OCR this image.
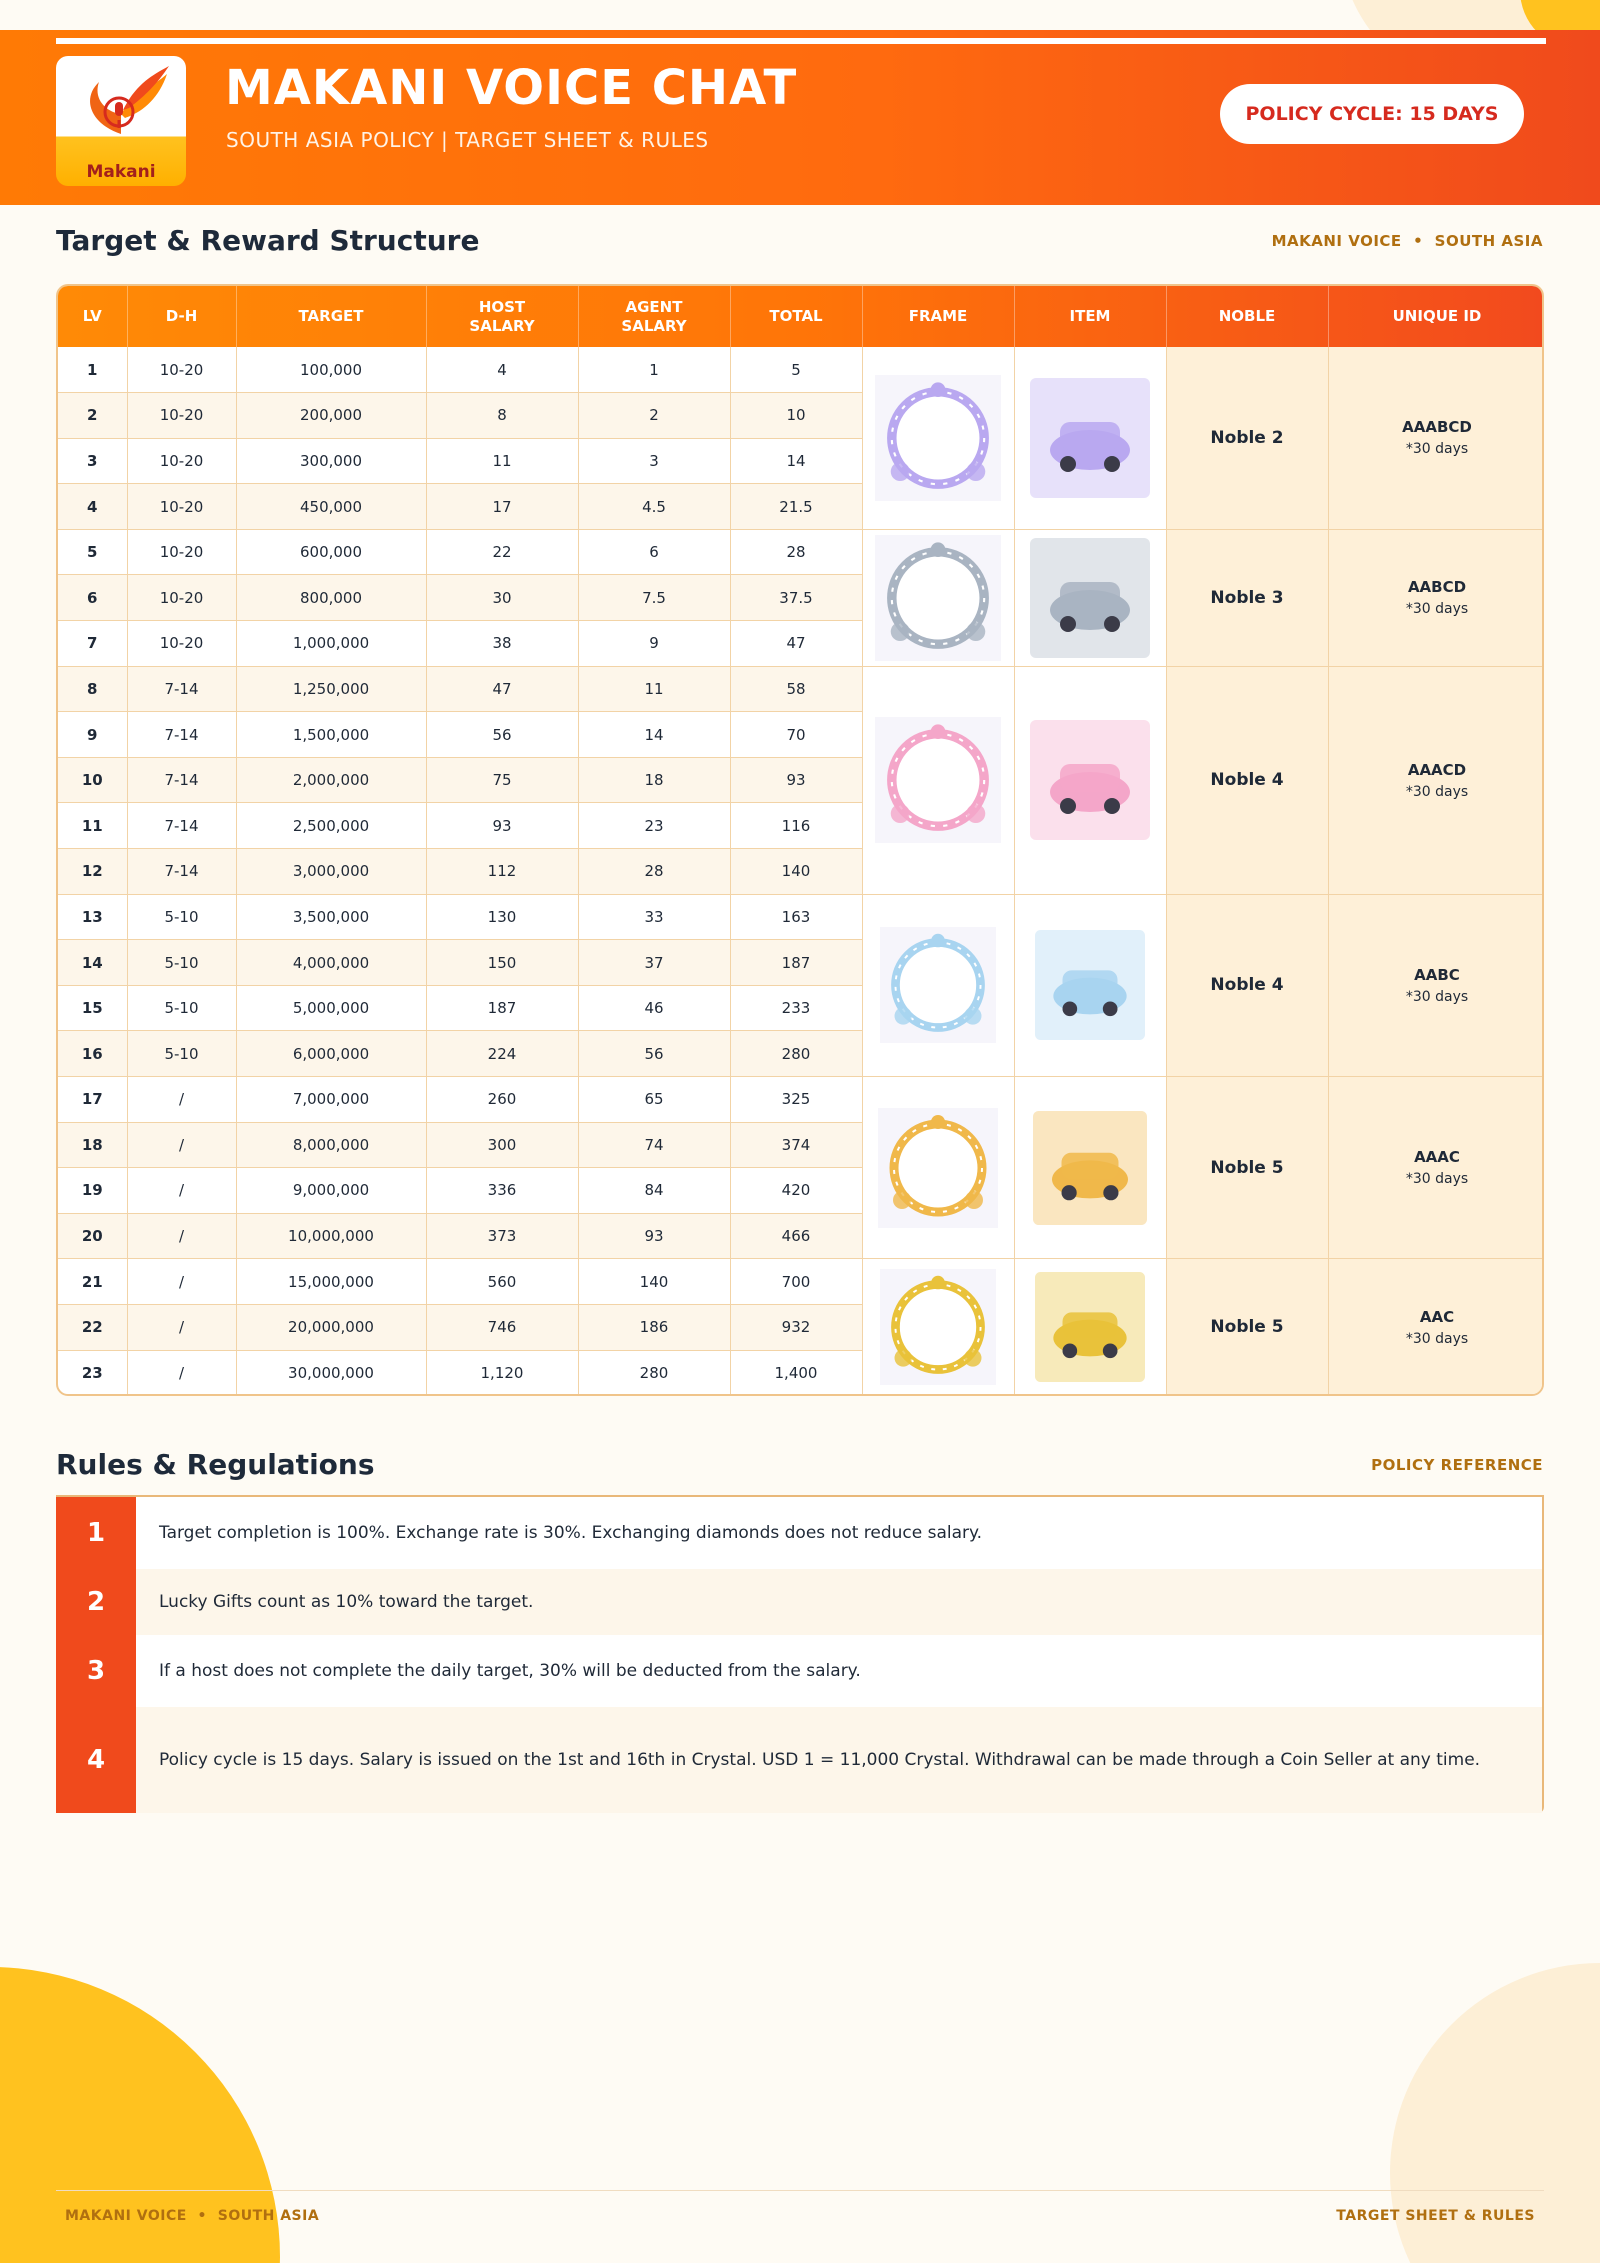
Makani
MAKANI VOICE CHAT
SOUTH ASIA POLICY | TARGET SHEET & RULES
POLICY CYCLE: 15 DAYS
Target & Reward Structure	MAKANI VOICE  •  SOUTH ASIA
LV	D-H	TARGET	HOST SALARY	AGENT SALARY	TOTAL	FRAME	ITEM	NOBLE	UNIQUE ID
1	10-20	100,000	4	1	5			Noble 2	AAABCD
*30 days

2	10-20	200,000	8	2	10				
3	10-20	300,000	11	3	14				
4	10-20	450,000	17	4.5	21.5				
5	10-20	600,000	22	6	28			Noble 3	AABCD
*30 days

6	10-20	800,000	30	7.5	37.5				
7	10-20	1,000,000	38	9	47				
8	7-14	1,250,000	47	11	58			Noble 4	AAACD
*30 days

9	7-14	1,500,000	56	14	70				
10	7-14	2,000,000	75	18	93				
11	7-14	2,500,000	93	23	116				
12	7-14	3,000,000	112	28	140				
13	5-10	3,500,000	130	33	163			Noble 4	AABC
*30 days

14	5-10	4,000,000	150	37	187				
15	5-10	5,000,000	187	46	233				
16	5-10	6,000,000	224	56	280				
17	/	7,000,000	260	65	325			Noble 5	AAAC
*30 days

18	/	8,000,000	300	74	374				
19	/	9,000,000	336	84	420				
20	/	10,000,000	373	93	466				
21	/	15,000,000	560	140	700			Noble 5	AAC
*30 days

22	/	20,000,000	746	186	932				
23	/	30,000,000	1,120	280	1,400				
Rules & Regulations	POLICY REFERENCE
1	Target completion is 100%. Exchange rate is 30%. Exchanging diamonds does not reduce salary.
2	Lucky Gifts count as 10% toward the target.
3	If a host does not complete the daily target, 30% will be deducted from the salary.
4	Policy cycle is 15 days. Salary is issued on the 1st and 16th in Crystal. USD 1 = 11,000 Crystal. Withdrawal can be made through a Coin Seller at any time.
MAKANI VOICE  •  SOUTH ASIA	TARGET SHEET & RULES
